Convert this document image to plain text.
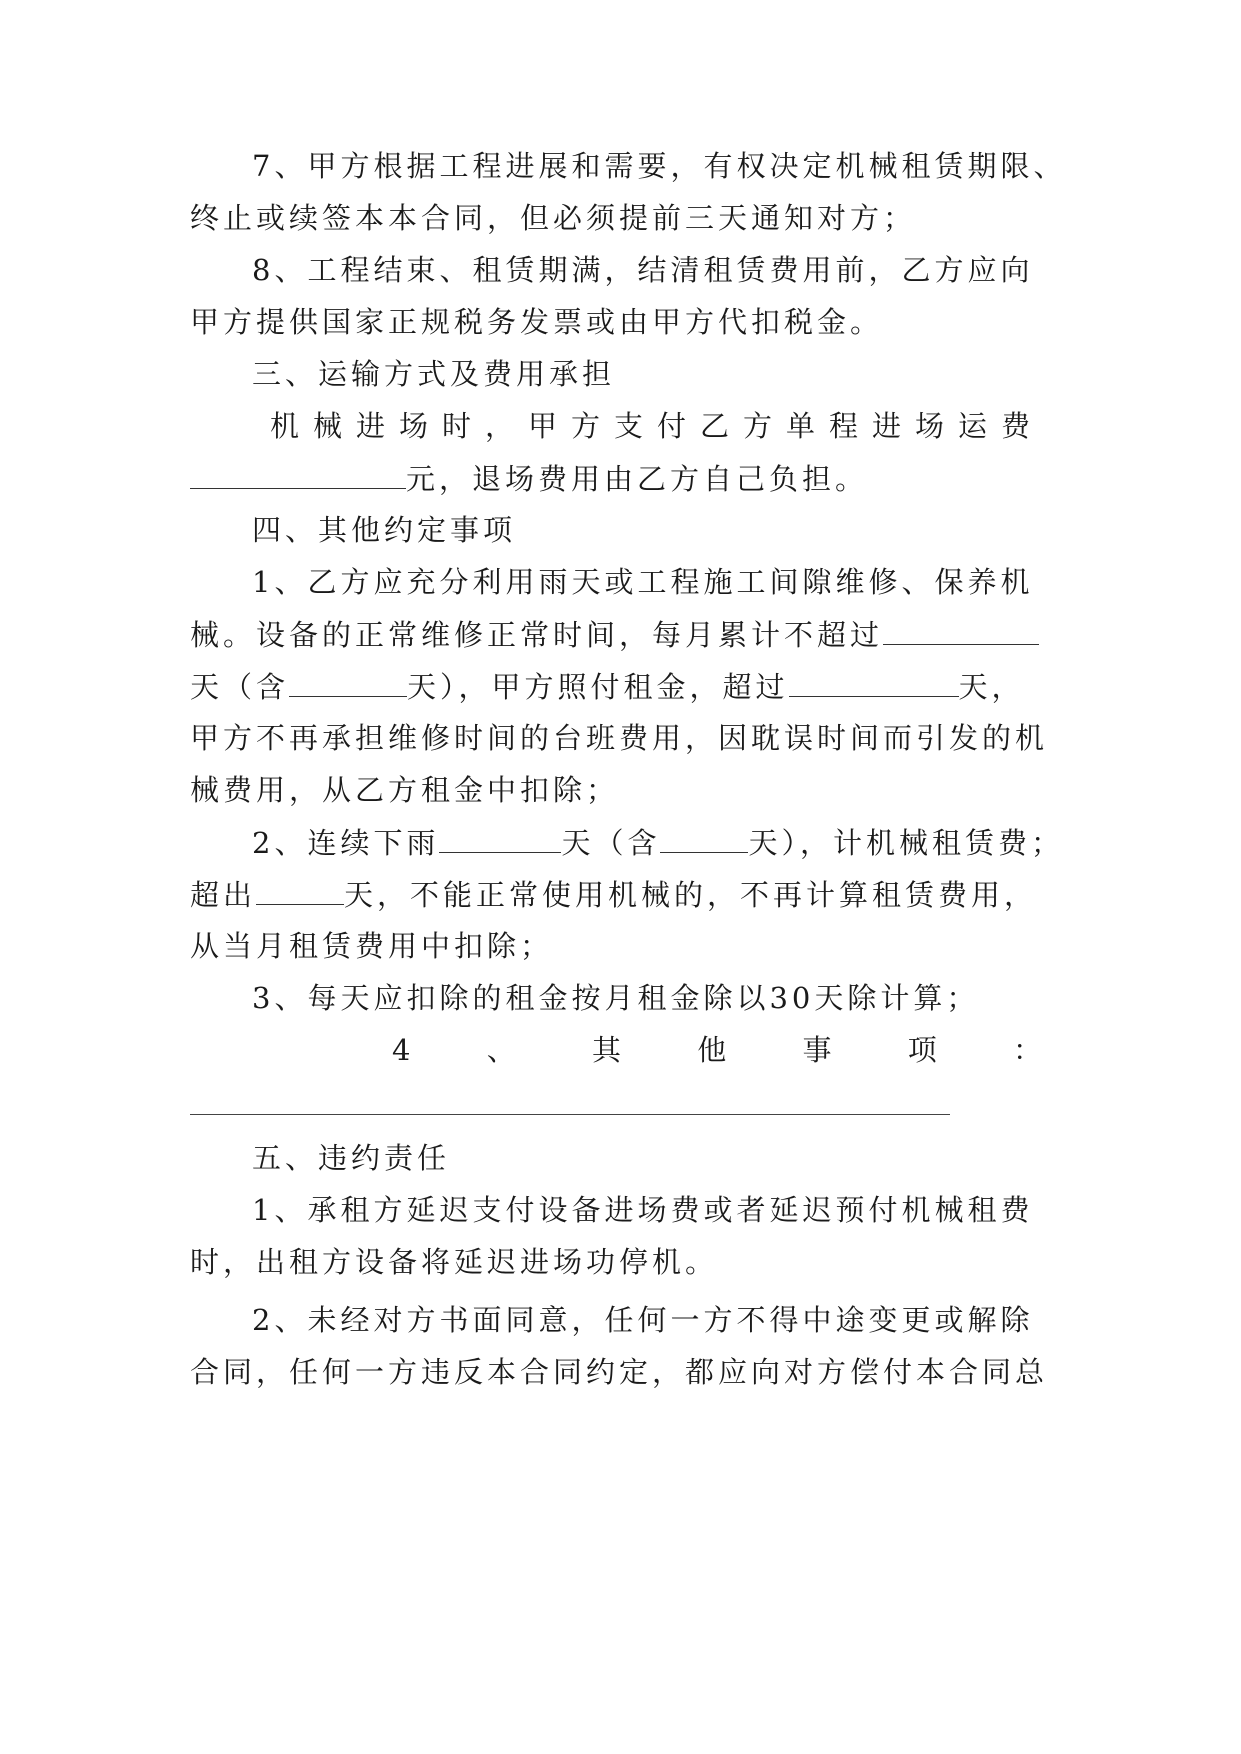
7、甲方根据工程进展和需要，有权决定机械租赁期限、
终止或续签本本合同，但必须提前三天通知对方；
8、工程结束、租赁期满，结清租赁费用前，乙方应向
甲方提供国家正规税务发票或由甲方代扣税金。
三、运输方式及费用承担
机械进场时，甲方支付乙方单程进场运费
元，退场费用由乙方自己负担。
四、其他约定事项
1、乙方应充分利用雨天或工程施工间隙维修、保养机
械。设备的正常维修正常时间，每月累计不超过
天（含	天），甲方照付租金，超过	天，
甲方不再承担维修时间的台班费用，因耽误时间而引发的机
械费用，从乙方租金中扣除；
2、连续下雨	天（含	天），计机械租赁费；
超出	天，不能正常使用机械的，不再计算租赁费用，
从当月租赁费用中扣除；
3、每天应扣除的租金按月租金除以30天除计算；
4	、	其	他	事	项	：
五、违约责任
1、承租方延迟支付设备进场费或者延迟预付机械租费
时，出租方设备将延迟进场功停机。
2、未经对方书面同意，任何一方不得中途变更或解除
合同，任何一方违反本合同约定，都应向对方偿付本合同总
